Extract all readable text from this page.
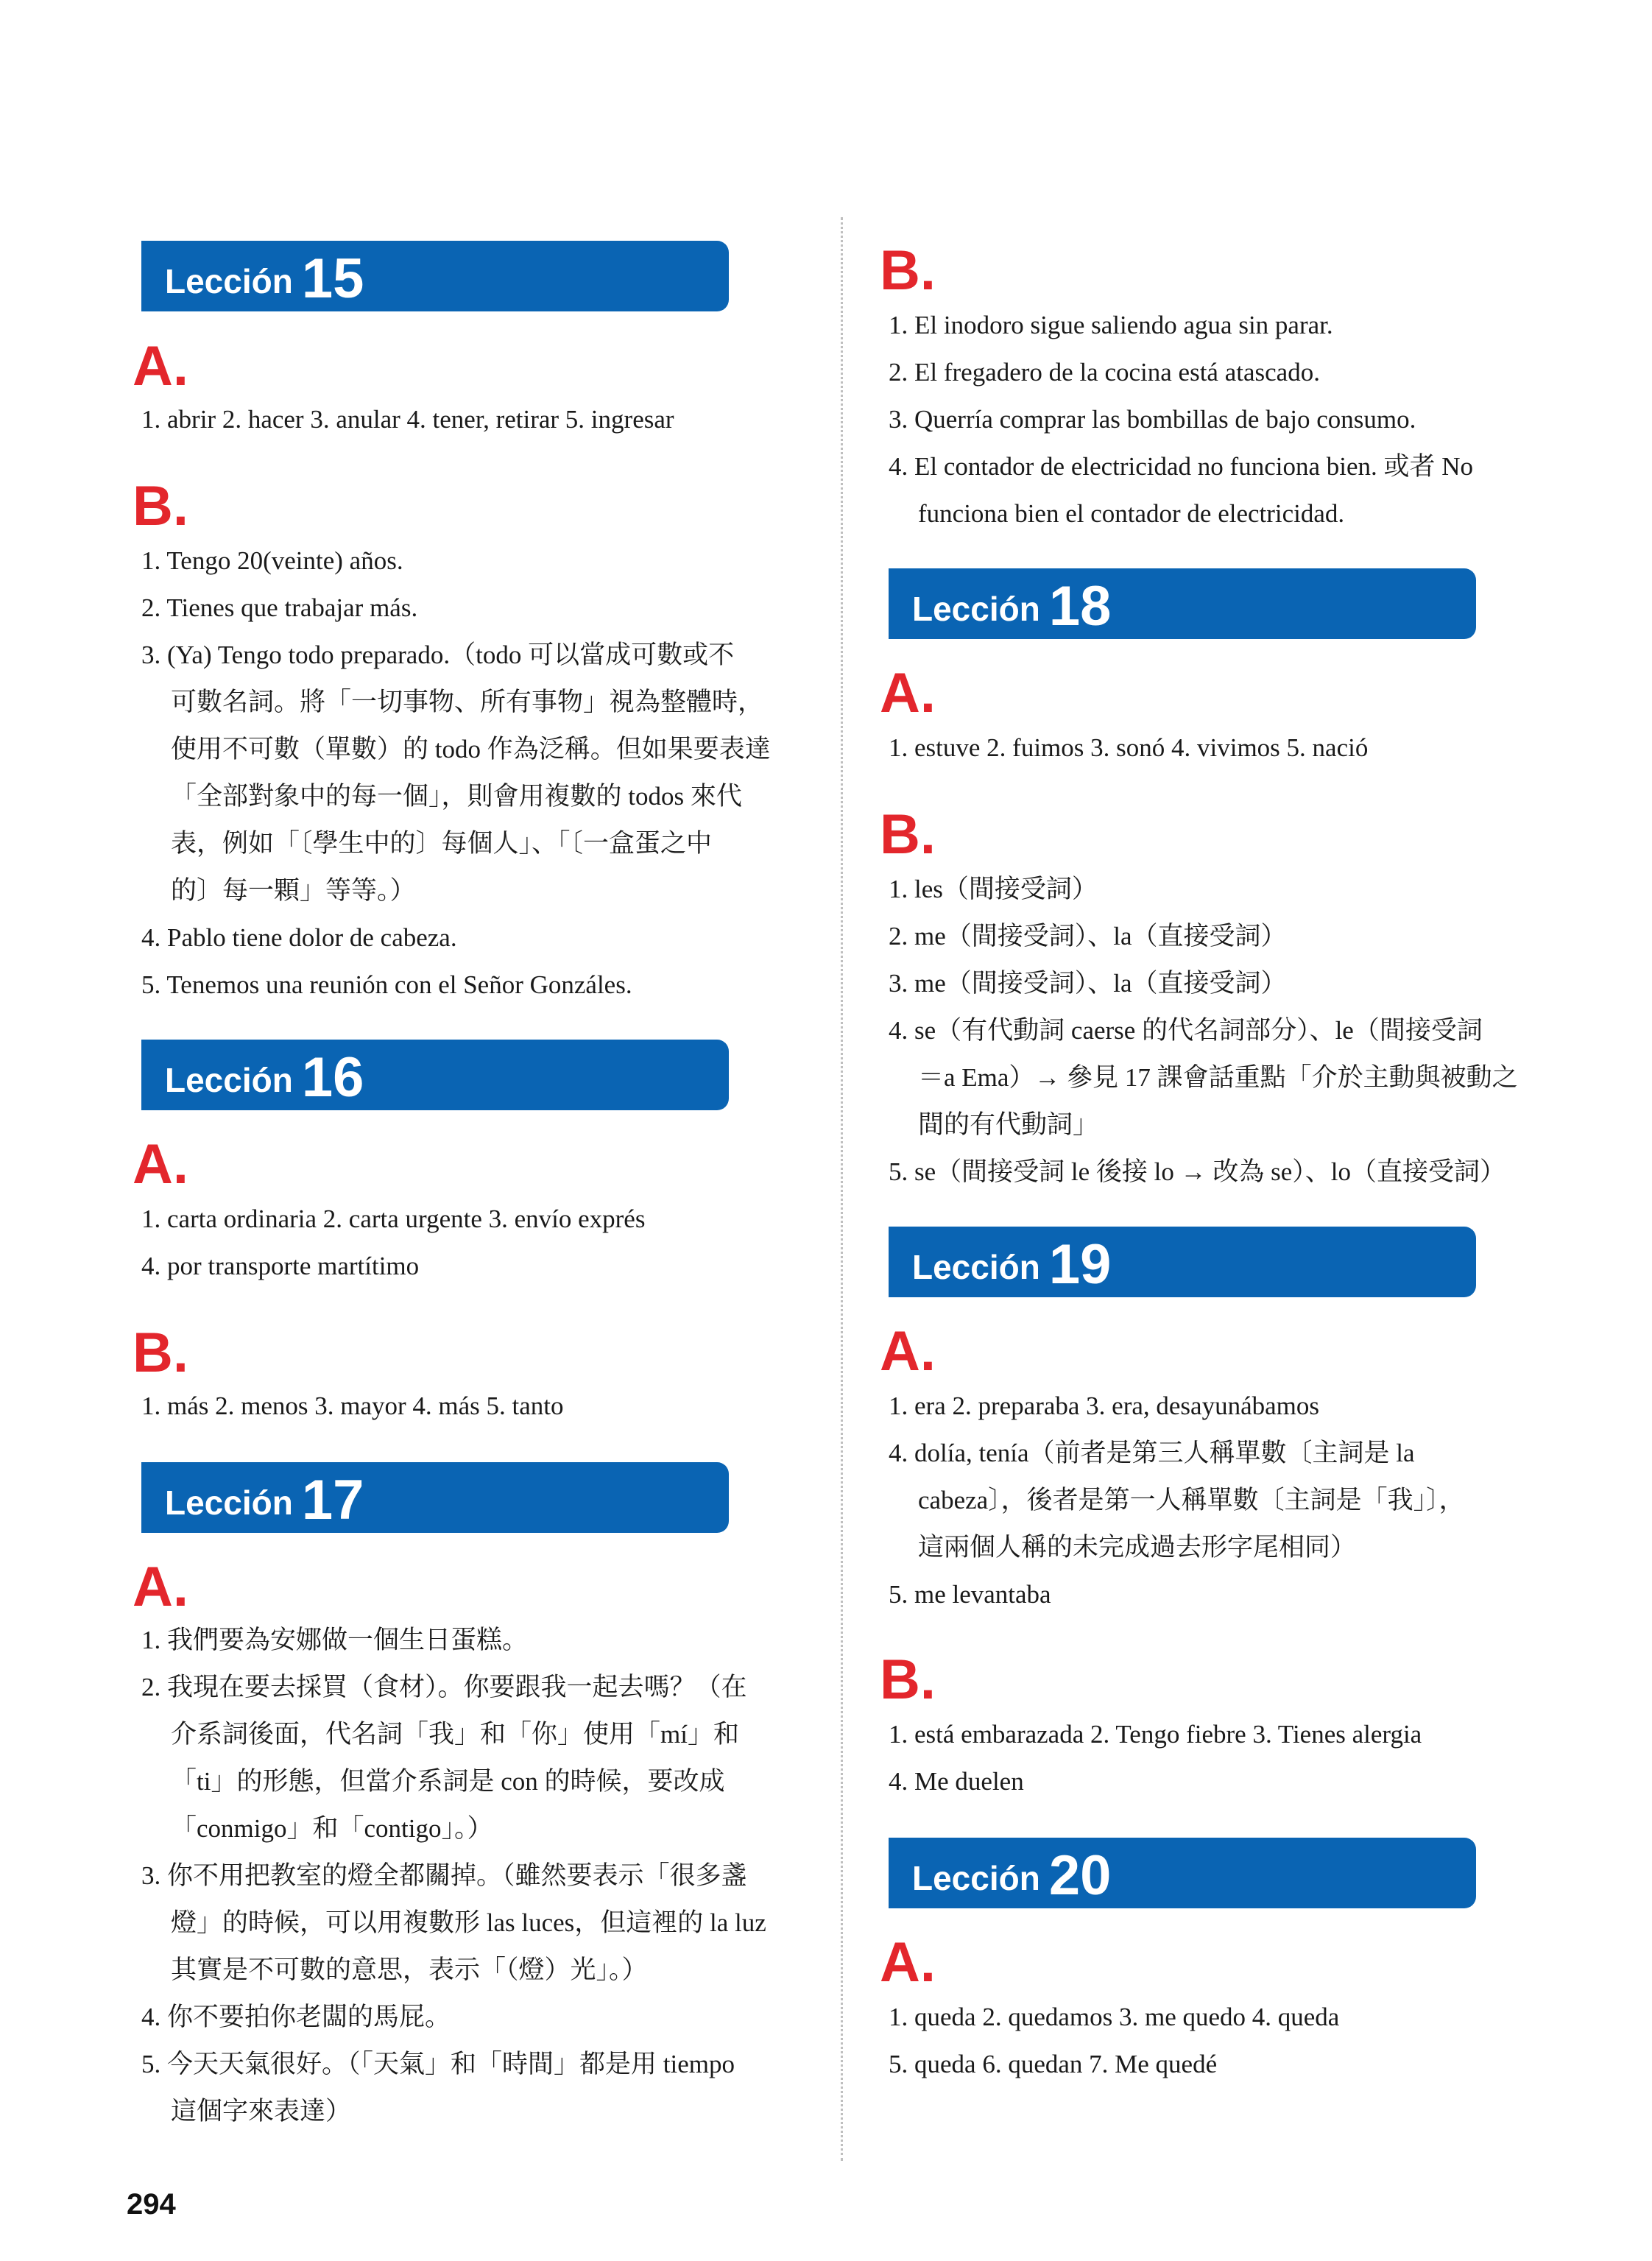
Lección 15
A.
1. abrir 2. hacer 3. anular 4. tener, retirar 5. ingresar
B.
1. Tengo 20(veinte) años.
2. Tienes que trabajar más.
3. (Ya) Tengo todo preparado.（todo 可以當成可數或不
可數名詞。將「一切事物、所有事物」視為整體時，
使用不可數（單數）的 todo 作為泛稱。但如果要表達
「全部對象中的每一個」，則會用複數的 todos 來代
表，例如「〔學生中的〕每個人」、「〔一盒蛋之中
的〕每一顆」等等。）
4. Pablo tiene dolor de cabeza.
5. Tenemos una reunión con el Señor Gonzáles.
Lección 16
A.
1. carta ordinaria 2. carta urgente 3. envío exprés
4. por transporte martítimo
B.
1. más 2. menos 3. mayor 4. más 5. tanto
Lección 17
A.
1. 我們要為安娜做一個生日蛋糕。
2. 我現在要去採買（食材）。你要跟我一起去嗎？（在
介系詞後面，代名詞「我」和「你」使用「mí」和
「ti」的形態，但當介系詞是 con 的時候，要改成
「conmigo」和「contigo」。）
3. 你不用把教室的燈全都關掉。（雖然要表示「很多盞
燈」的時候，可以用複數形 las luces，但這裡的 la luz
其實是不可數的意思，表示「（燈）光」。）
4. 你不要拍你老闆的馬屁。
5. 今天天氣很好。（「天氣」和「時間」都是用 tiempo
這個字來表達）
B.
1. El inodoro sigue saliendo agua sin parar.
2. El fregadero de la cocina está atascado.
3. Querría comprar las bombillas de bajo consumo.
4. El contador de electricidad no funciona bien. 或者 No
funciona bien el contador de electricidad.
Lección 18
A.
1. estuve 2. fuimos 3. sonó 4. vivimos 5. nació
B.
1. les（間接受詞）
2. me（間接受詞）、la（直接受詞）
3. me（間接受詞）、la（直接受詞）
4. se（有代動詞 caerse 的代名詞部分）、le（間接受詞
＝a Ema）→ 參見 17 課會話重點「介於主動與被動之
間的有代動詞」
5. se（間接受詞 le 後接 lo → 改為 se）、lo（直接受詞）
Lección 19
A.
1. era 2. preparaba 3. era, desayunábamos
4. dolía, tenía（前者是第三人稱單數〔主詞是 la
cabeza〕，後者是第一人稱單數〔主詞是「我」〕，
這兩個人稱的未完成過去形字尾相同）
5. me levantaba
B.
1. está embarazada 2. Tengo fiebre 3. Tienes alergia
4. Me duelen
Lección 20
A.
1. queda 2. quedamos 3. me quedo 4. queda
5. queda 6. quedan 7. Me quedé
294
